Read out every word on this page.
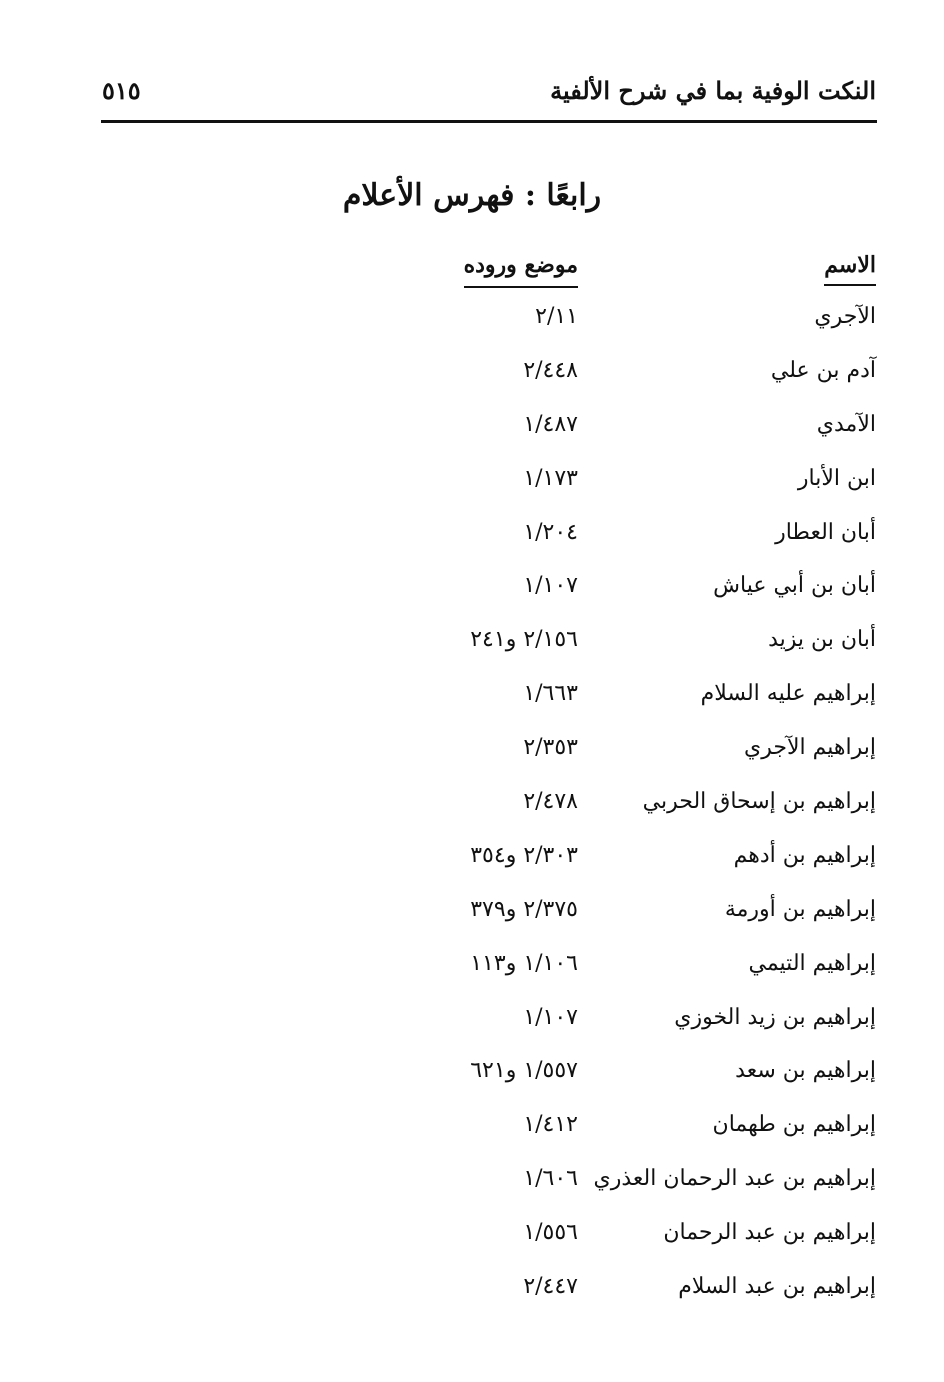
النكت الوفية بما في شرح الألفية
٥١٥
رابعًا : فهرس الأعلام
الاسم
موضع وروده
الآجري
٢/١١
آدم بن علي
٢/٤٤٨
الآمدي
١/٤٨٧
ابن الأبار
١/١٧٣
أبان العطار
١/٢٠٤
أبان بن أبي عياش
١/١٠٧
أبان بن يزيد
٢/١٥٦ و٢٤١
إبراهيم عليه السلام
١/٦٦٣
إبراهيم الآجري
٢/٣٥٣
إبراهيم بن إسحاق الحربي
٢/٤٧٨
إبراهيم بن أدهم
٢/٣٠٣ و٣٥٤
إبراهيم بن أورمة
٢/٣٧٥ و٣٧٩
إبراهيم التيمي
١/١٠٦ و١١٣
إبراهيم بن زيد الخوزي
١/١٠٧
إبراهيم بن سعد
١/٥٥٧ و٦٢١
إبراهيم بن طهمان
١/٤١٢
إبراهيم بن عبد الرحمان العذري
١/٦٠٦
إبراهيم بن عبد الرحمان
١/٥٥٦
إبراهيم بن عبد السلام
٢/٤٤٧
